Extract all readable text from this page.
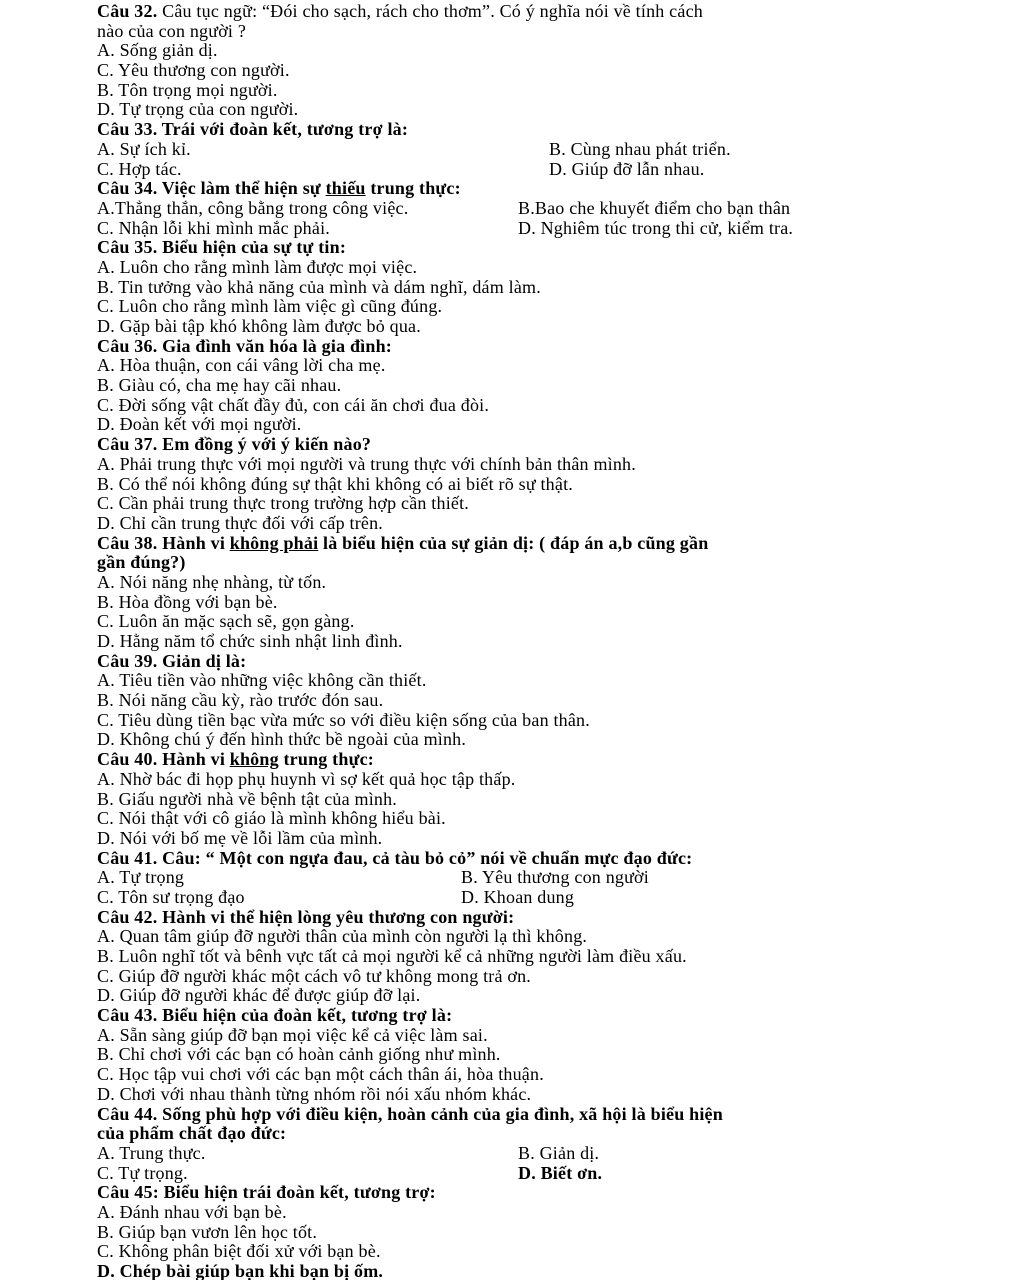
Câu 32. Câu tục ngữ: “Đói cho sạch, rách cho thơm”. Có ý nghĩa nói về tính cách
nào của con người ?
A. Sống giản dị.
C. Yêu thương con người.
B. Tôn trọng mọi người.
D. Tự trọng của con người.
Câu 33. Trái với đoàn kết, tương trợ là:
A. Sự ích kỉ.	B. Cùng nhau phát triển.
C. Hợp tác.	D. Giúp đỡ lẫn nhau.
Câu 34. Việc làm thể hiện sự thiếu trung thực:
A.Thẳng thắn, công bằng trong công việc.	B.Bao che khuyết điểm cho bạn thân
C. Nhận lỗi khi mình mắc phải.	D. Nghiêm túc trong thi cử, kiểm tra.
Câu 35. Biểu hiện của sự tự tin:
A. Luôn cho rằng mình làm được mọi việc.
B. Tin tưởng vào khả năng của mình và dám nghĩ, dám làm.
C. Luôn cho rằng mình làm việc gì cũng đúng.
D. Gặp bài tập khó không làm được bỏ qua.
Câu 36. Gia đình văn hóa là gia đình:
A. Hòa thuận, con cái vâng lời cha mẹ.
B. Giàu có, cha mẹ hay cãi nhau.
C. Đời sống vật chất đầy đủ, con cái ăn chơi đua đòi.
D. Đoàn kết với mọi người.
Câu 37. Em đồng ý với ý kiến nào?
A. Phải trung thực với mọi người và trung thực với chính bản thân mình.
B. Có thể nói không đúng sự thật khi không có ai biết rõ sự thật.
C. Cần phải trung thực trong trường hợp cần thiết.
D. Chỉ cần trung thực đối với cấp trên.
Câu 38. Hành vi không phải là biểu hiện của sự giản dị: ( đáp án a,b cũng gần
gần đúng?)
A. Nói năng nhẹ nhàng, từ tốn.
B. Hòa đồng với bạn bè.
C. Luôn ăn mặc sạch sẽ, gọn gàng.
D. Hằng năm tổ chức sinh nhật linh đình.
Câu 39. Giản dị là:
A. Tiêu tiền vào những việc không cần thiết.
B. Nói năng cầu kỳ, rào trước đón sau.
C. Tiêu dùng tiền bạc vừa mức so với điều kiện sống của ban thân.
D. Không chú ý đến hình thức bề ngoài của mình.
Câu 40. Hành vi không trung thực:
A. Nhờ bác đi họp phụ huynh vì sợ kết quả học tập thấp.
B. Giấu người nhà về bệnh tật của mình.
C. Nói thật với cô giáo là mình không hiểu bài.
D. Nói với bố mẹ về lỗi lầm của mình.
Câu 41. Câu: “ Một con ngựa đau, cả tàu bỏ cỏ” nói về chuẩn mực đạo đức:
A. Tự trọng	B. Yêu thương con người
C. Tôn sư trọng đạo	D. Khoan dung
Câu 42. Hành vi thể hiện lòng yêu thương con người:
A. Quan tâm giúp đỡ người thân của mình còn người lạ thì không.
B. Luôn nghĩ tốt và bênh vực tất cả mọi người kể cả những người làm điều xấu.
C. Giúp đỡ người khác một cách vô tư không mong trả ơn.
D. Giúp đỡ người khác để được giúp đỡ lại.
Câu 43. Biểu hiện của đoàn kết, tương trợ là:
A. Sẵn sàng giúp đỡ bạn mọi việc kể cả việc làm sai.
B. Chỉ chơi với các bạn có hoàn cảnh giống như mình.
C. Học tập vui chơi với các bạn một cách thân ái, hòa thuận.
D. Chơi với nhau thành từng nhóm rồi nói xấu nhóm khác.
Câu 44. Sống phù hợp với điều kiện, hoàn cảnh của gia đình, xã hội là biểu hiện
của phẩm chất đạo đức:
A. Trung thực.	B. Giản dị.
C. Tự trọng.	D. Biết ơn.
Câu 45: Biểu hiện trái đoàn kết, tương trợ:
A. Đánh nhau với bạn bè.
B. Giúp bạn vươn lên học tốt.
C. Không phân biệt đối xử với bạn bè.
D. Chép bài giúp bạn khi bạn bị ốm.
